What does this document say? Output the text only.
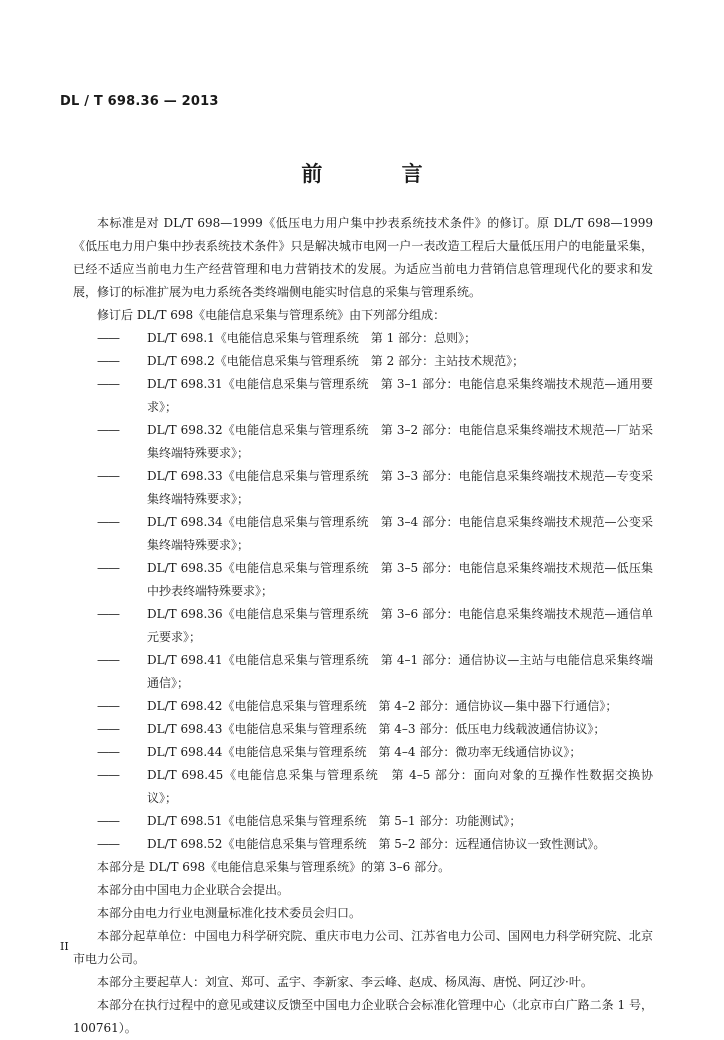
DL / T 698.36 — 2013
前 言

本标准是对 DL/T 698—1999《低压电力用户集中抄表系统技术条件》的修订。原 DL/T 698—1999《低压电力用户集中抄表系统技术条件》只是解决城市电网一户一表改造工程后大量低压用户的电能量采集，已经不适应当前电力生产经营管理和电力营销技术的发展。为适应当前电力营销信息管理现代化的要求和发展，修订的标准扩展为电力系统各类终端侧电能实时信息的采集与管理系统。

修订后 DL/T 698《电能信息采集与管理系统》由下列部分组成：

—— DL/T 698.1《电能信息采集与管理系统　第 1 部分：总则》；

—— DL/T 698.2《电能信息采集与管理系统　第 2 部分：主站技术规范》；

—— DL/T 698.31《电能信息采集与管理系统　第 3–1 部分：电能信息采集终端技术规范—通用要求》；

—— DL/T 698.32《电能信息采集与管理系统　第 3–2 部分：电能信息采集终端技术规范—厂站采集终端特殊要求》；

—— DL/T 698.33《电能信息采集与管理系统　第 3–3 部分：电能信息采集终端技术规范—专变采集终端特殊要求》；

—— DL/T 698.34《电能信息采集与管理系统　第 3–4 部分：电能信息采集终端技术规范—公变采集终端特殊要求》；

—— DL/T 698.35《电能信息采集与管理系统　第 3–5 部分：电能信息采集终端技术规范—低压集中抄表终端特殊要求》；

—— DL/T 698.36《电能信息采集与管理系统　第 3–6 部分：电能信息采集终端技术规范—通信单元要求》；

—— DL/T 698.41《电能信息采集与管理系统　第 4–1 部分：通信协议—主站与电能信息采集终端通信》；

—— DL/T 698.42《电能信息采集与管理系统　第 4–2 部分：通信协议—集中器下行通信》；

—— DL/T 698.43《电能信息采集与管理系统　第 4–3 部分：低压电力线载波通信协议》；

—— DL/T 698.44《电能信息采集与管理系统　第 4–4 部分：微功率无线通信协议》；

—— DL/T 698.45《电能信息采集与管理系统　第 4–5 部分：面向对象的互操作性数据交换协议》；

—— DL/T 698.51《电能信息采集与管理系统　第 5–1 部分：功能测试》；

—— DL/T 698.52《电能信息采集与管理系统　第 5–2 部分：远程通信协议一致性测试》。

本部分是 DL/T 698《电能信息采集与管理系统》的第 3–6 部分。

本部分由中国电力企业联合会提出。

本部分由电力行业电测量标准化技术委员会归口。

本部分起草单位：中国电力科学研究院、重庆市电力公司、江苏省电力公司、国网电力科学研究院、北京市电力公司。

本部分主要起草人：刘宣、郑可、孟宇、李新家、李云峰、赵成、杨凤海、唐悦、阿辽沙·叶。

本部分在执行过程中的意见或建议反馈至中国电力企业联合会标准化管理中心（北京市白广路二条 1 号，100761）。

II
